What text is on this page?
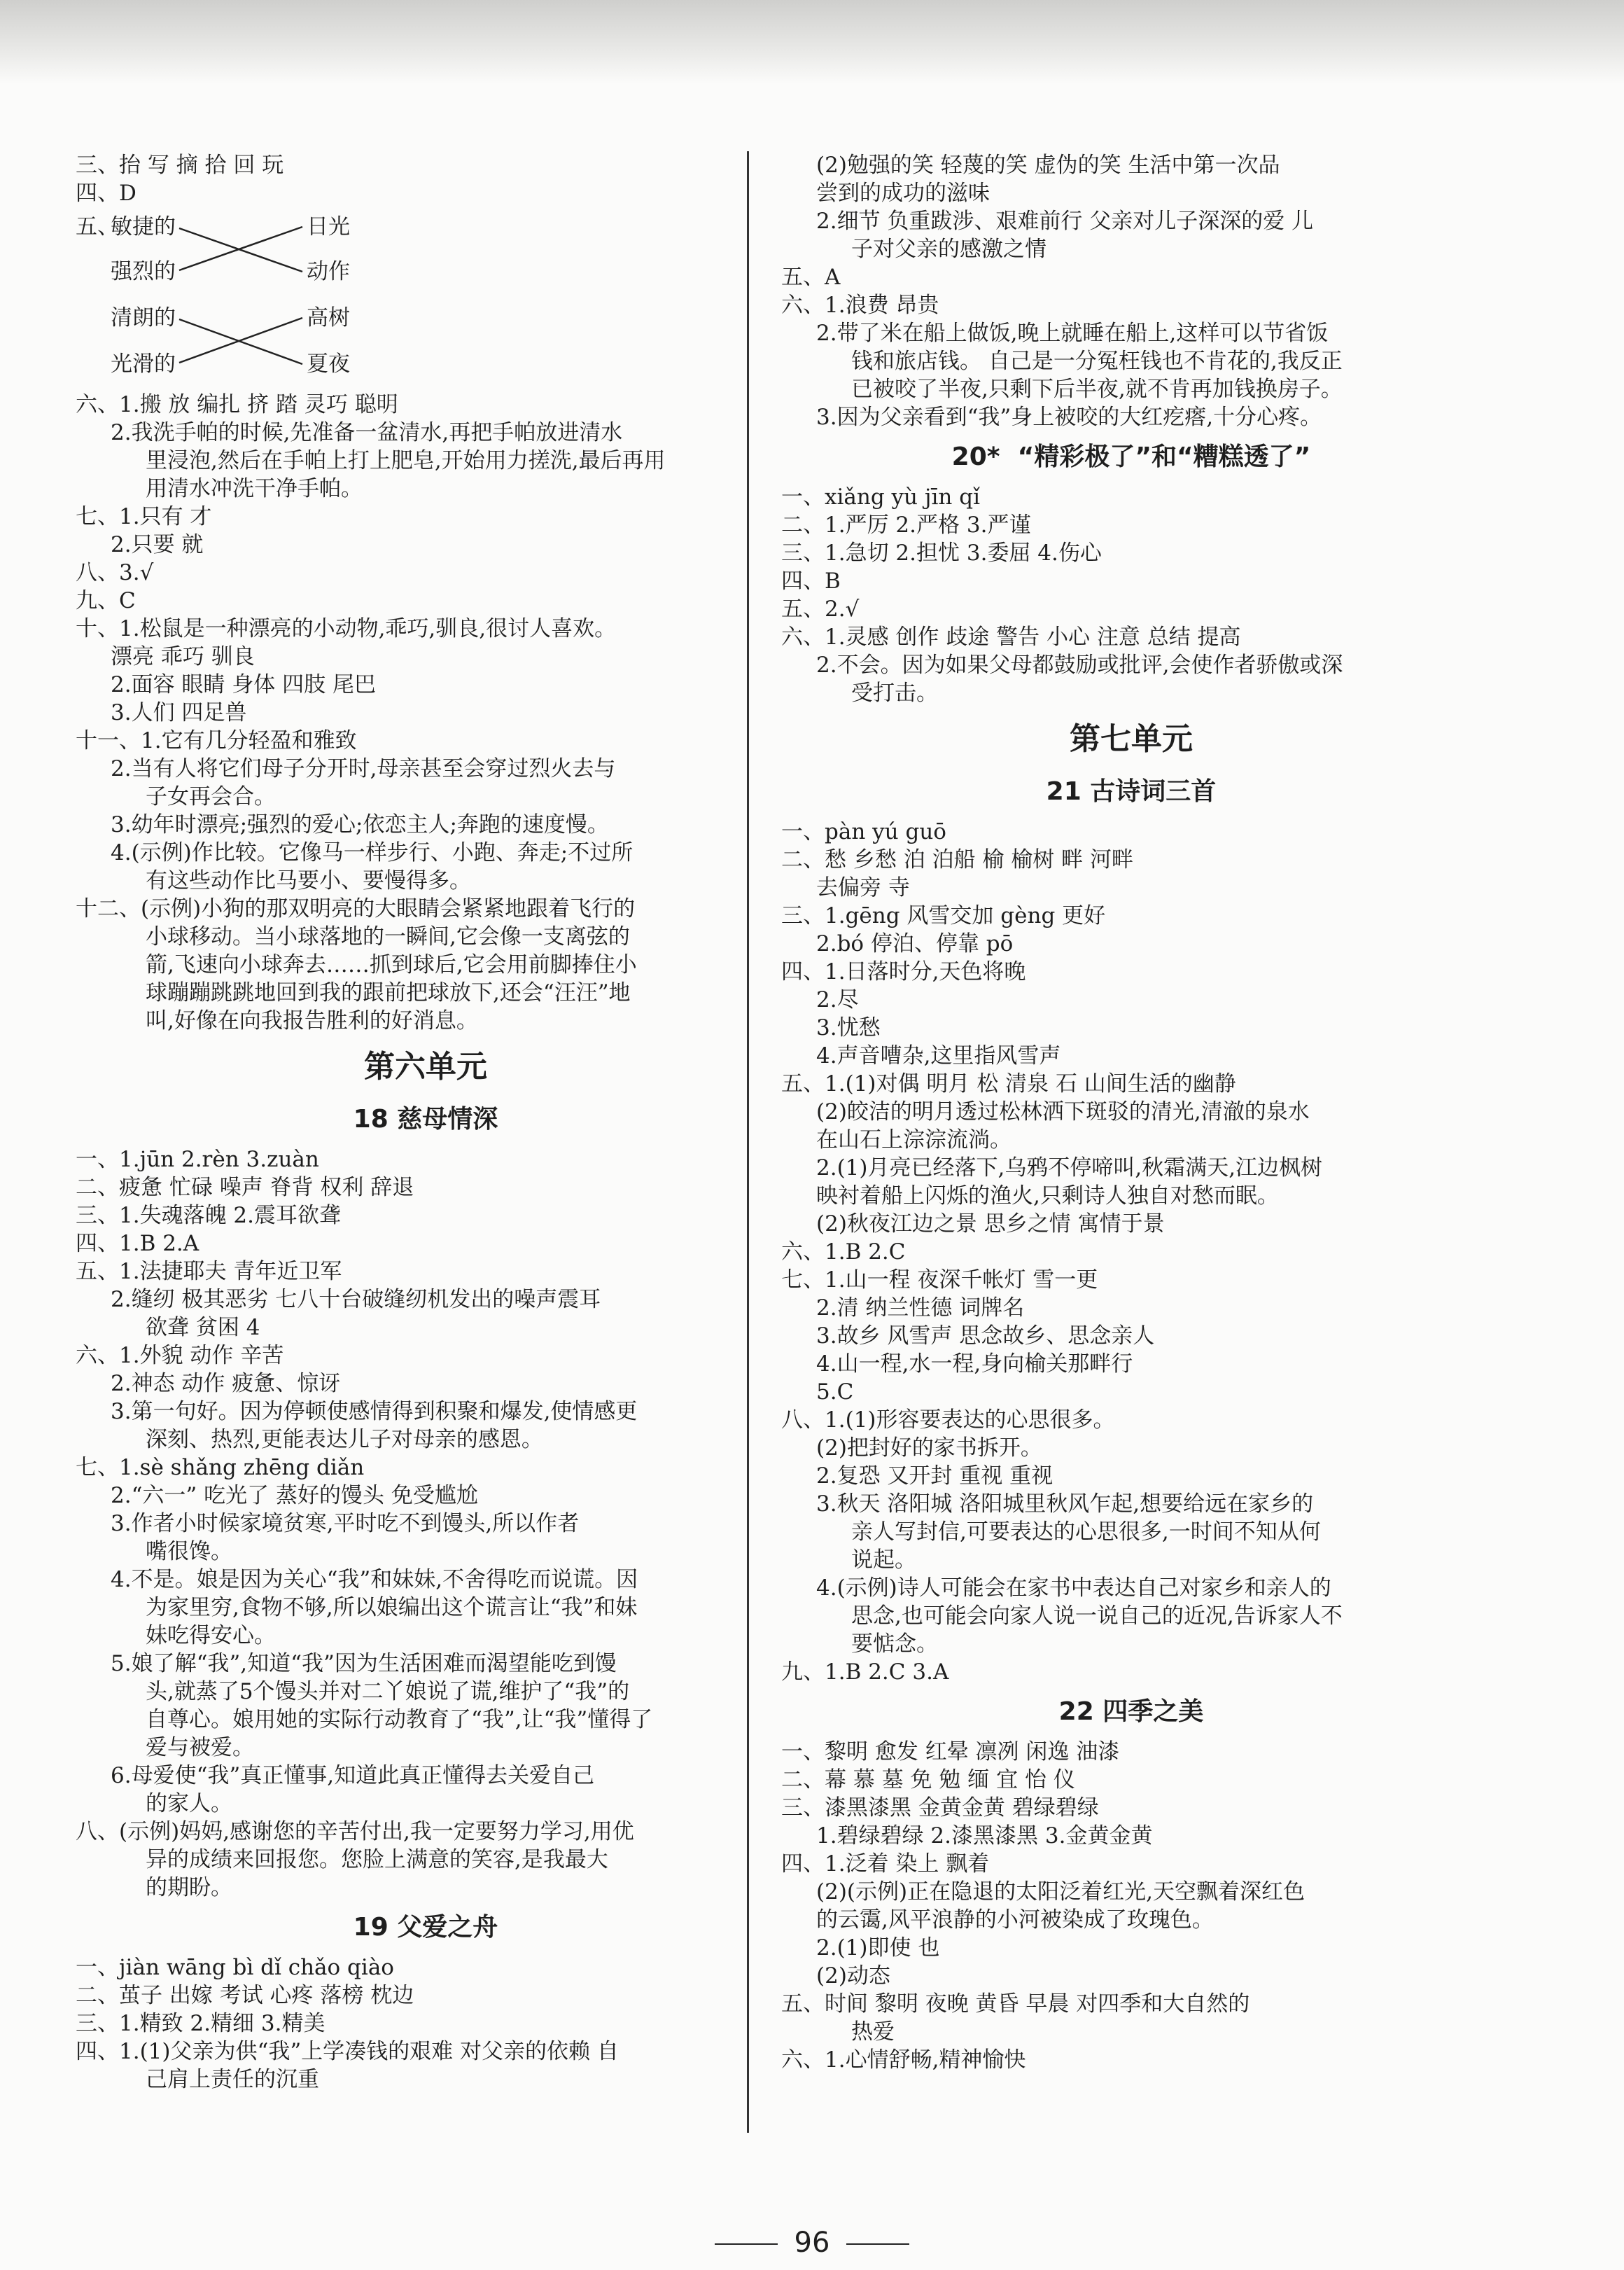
三、抬 写 摘 拾 回 玩

四、D

五、
敏捷的
强烈的
清朗的
光滑的
日光
动作
高树
夏夜

六、1.搬 放 编扎 挤 踏 灵巧 聪明

2.我洗手帕的时候,先准备一盆清水,再把手帕放进清水

里浸泡,然后在手帕上打上肥皂,开始用力搓洗,最后再用

用清水冲洗干净手帕。

七、1.只有 才

2.只要 就

八、3.√

九、C

十、1.松鼠是一种漂亮的小动物,乖巧,驯良,很讨人喜欢。

漂亮 乖巧 驯良

2.面容 眼睛 身体 四肢 尾巴

3.人们 四足兽

十一、1.它有几分轻盈和雅致

2.当有人将它们母子分开时,母亲甚至会穿过烈火去与

子女再会合。

3.幼年时漂亮;强烈的爱心;依恋主人;奔跑的速度慢。

4.(示例)作比较。它像马一样步行、小跑、奔走;不过所

有这些动作比马要小、要慢得多。

十二、(示例)小狗的那双明亮的大眼睛会紧紧地跟着飞行的

小球移动。当小球落地的一瞬间,它会像一支离弦的

箭,飞速向小球奔去……抓到球后,它会用前脚捧住小

球蹦蹦跳跳地回到我的跟前把球放下,还会“汪汪”地

叫,好像在向我报告胜利的好消息。

第六单元
18 慈母情深

一、1.jūn 2.rèn 3.zuàn

二、疲惫 忙碌 噪声 脊背 权利 辞退

三、1.失魂落魄 2.震耳欲聋

四、1.B 2.A

五、1.法捷耶夫 青年近卫军

2.缝纫 极其恶劣 七八十台破缝纫机发出的噪声震耳

欲聋 贫困 4

六、1.外貌 动作 辛苦

2.神态 动作 疲惫、惊讶

3.第一句好。因为停顿使感情得到积聚和爆发,使情感更

深刻、热烈,更能表达儿子对母亲的感恩。

七、1.sè shǎng zhēng diǎn

2.“六一” 吃光了 蒸好的馒头 免受尴尬

3.作者小时候家境贫寒,平时吃不到馒头,所以作者

嘴很馋。

4.不是。娘是因为关心“我”和妹妹,不舍得吃而说谎。因

为家里穷,食物不够,所以娘编出这个谎言让“我”和妹

妹吃得安心。

5.娘了解“我”,知道“我”因为生活困难而渴望能吃到馒

头,就蒸了5个馒头并对二丫娘说了谎,维护了“我”的

自尊心。娘用她的实际行动教育了“我”,让“我”懂得了

爱与被爱。

6.母爱使“我”真正懂事,知道此真正懂得去关爱自己

的家人。

八、(示例)妈妈,感谢您的辛苦付出,我一定要努力学习,用优

异的成绩来回报您。您脸上满意的笑容,是我最大

的期盼。

19 父爱之舟

一、jiàn wāng bì dǐ chǎo qiào

二、茧子 出嫁 考试 心疼 落榜 枕边

三、1.精致 2.精细 3.精美

四、1.(1)父亲为供“我”上学凑钱的艰难 对父亲的依赖 自

己肩上责任的沉重

(2)勉强的笑 轻蔑的笑 虚伪的笑 生活中第一次品

尝到的成功的滋味

2.细节 负重跋涉、艰难前行 父亲对儿子深深的爱 儿

子对父亲的感激之情

五、A

六、1.浪费 昂贵

2.带了米在船上做饭,晚上就睡在船上,这样可以节省饭

钱和旅店钱。 自己是一分冤枉钱也不肯花的,我反正

已被咬了半夜,只剩下后半夜,就不肯再加钱换房子。

3.因为父亲看到“我”身上被咬的大红疙瘩,十分心疼。

20*  “精彩极了”和“糟糕透了”

一、xiǎng yù jīn qǐ

二、1.严厉 2.严格 3.严谨

三、1.急切 2.担忧 3.委屈 4.伤心

四、B

五、2.√

六、1.灵感 创作 歧途 警告 小心 注意 总结 提高

2.不会。因为如果父母都鼓励或批评,会使作者骄傲或深

受打击。

第七单元
21 古诗词三首

一、pàn yú guō

二、愁 乡愁 泊 泊船 榆 榆树 畔 河畔

去偏旁 寺

三、1.gēng 风雪交加 gèng 更好

2.bó 停泊、停靠 pō

四、1.日落时分,天色将晚

2.尽

3.忧愁

4.声音嘈杂,这里指风雪声

五、1.(1)对偶 明月 松 清泉 石 山间生活的幽静

(2)皎洁的明月透过松林洒下斑驳的清光,清澈的泉水

在山石上淙淙流淌。

2.(1)月亮已经落下,乌鸦不停啼叫,秋霜满天,江边枫树

映衬着船上闪烁的渔火,只剩诗人独自对愁而眠。

(2)秋夜江边之景 思乡之情 寓情于景

六、1.B 2.C

七、1.山一程 夜深千帐灯 雪一更

2.清 纳兰性德 词牌名

3.故乡 风雪声 思念故乡、思念亲人

4.山一程,水一程,身向榆关那畔行

5.C

八、1.(1)形容要表达的心思很多。

(2)把封好的家书拆开。

2.复恐 又开封 重视 重视

3.秋天 洛阳城 洛阳城里秋风乍起,想要给远在家乡的

亲人写封信,可要表达的心思很多,一时间不知从何

说起。

4.(示例)诗人可能会在家书中表达自己对家乡和亲人的

思念,也可能会向家人说一说自己的近况,告诉家人不

要惦念。

九、1.B 2.C 3.A

22 四季之美

一、黎明 愈发 红晕 凛冽 闲逸 油漆

二、幕 慕 墓 免 勉 缅 宜 怡 仪

三、漆黑漆黑 金黄金黄 碧绿碧绿

1.碧绿碧绿 2.漆黑漆黑 3.金黄金黄

四、1.泛着 染上 飘着

(2)(示例)正在隐退的太阳泛着红光,天空飘着深红色

的云霭,风平浪静的小河被染成了玫瑰色。

2.(1)即使 也

(2)动态

五、时间 黎明 夜晚 黄昏 早晨 对四季和大自然的

热爱

六、1.心情舒畅,精神愉快

96
